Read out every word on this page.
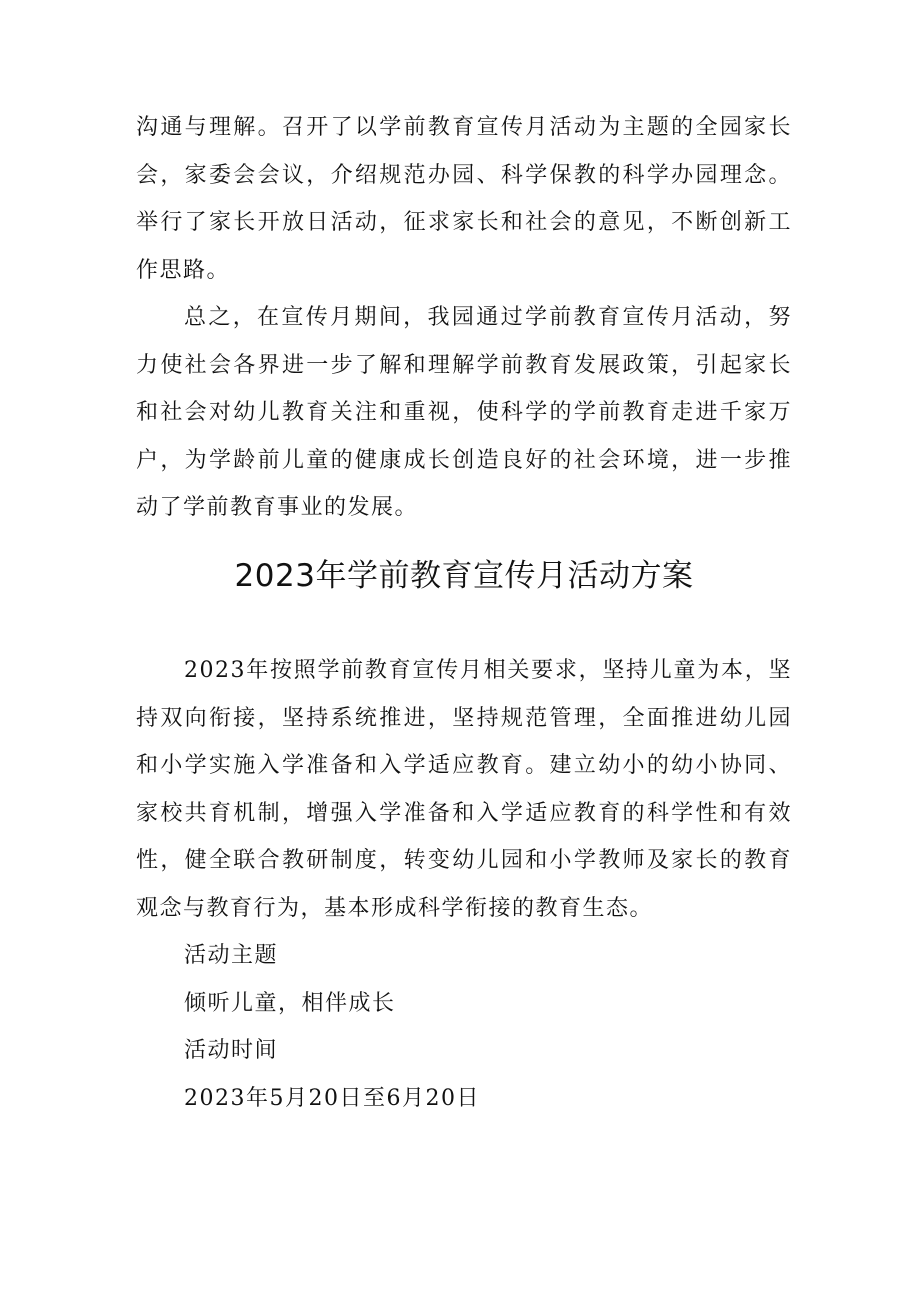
沟通与理解。召开了以学前教育宣传月活动为主题的全园家长会，家委会会议，介绍规范办园、科学保教的科学办园理念。举行了家长开放日活动，征求家长和社会的意见，不断创新工作思路。

总之，在宣传月期间，我园通过学前教育宣传月活动，努力使社会各界进一步了解和理解学前教育发展政策，引起家长和社会对幼儿教育关注和重视，使科学的学前教育走进千家万户，为学龄前儿童的健康成长创造良好的社会环境，进一步推动了学前教育事业的发展。

2023年学前教育宣传月活动方案

2023年按照学前教育宣传月相关要求，坚持儿童为本，坚持双向衔接，坚持系统推进，坚持规范管理，全面推进幼儿园和小学实施入学准备和入学适应教育。建立幼小的幼小协同、家校共育机制，增强入学准备和入学适应教育的科学性和有效性，健全联合教研制度，转变幼儿园和小学教师及家长的教育观念与教育行为，基本形成科学衔接的教育生态。

活动主题

倾听儿童，相伴成长

活动时间

2023年5月20日至6月20日
